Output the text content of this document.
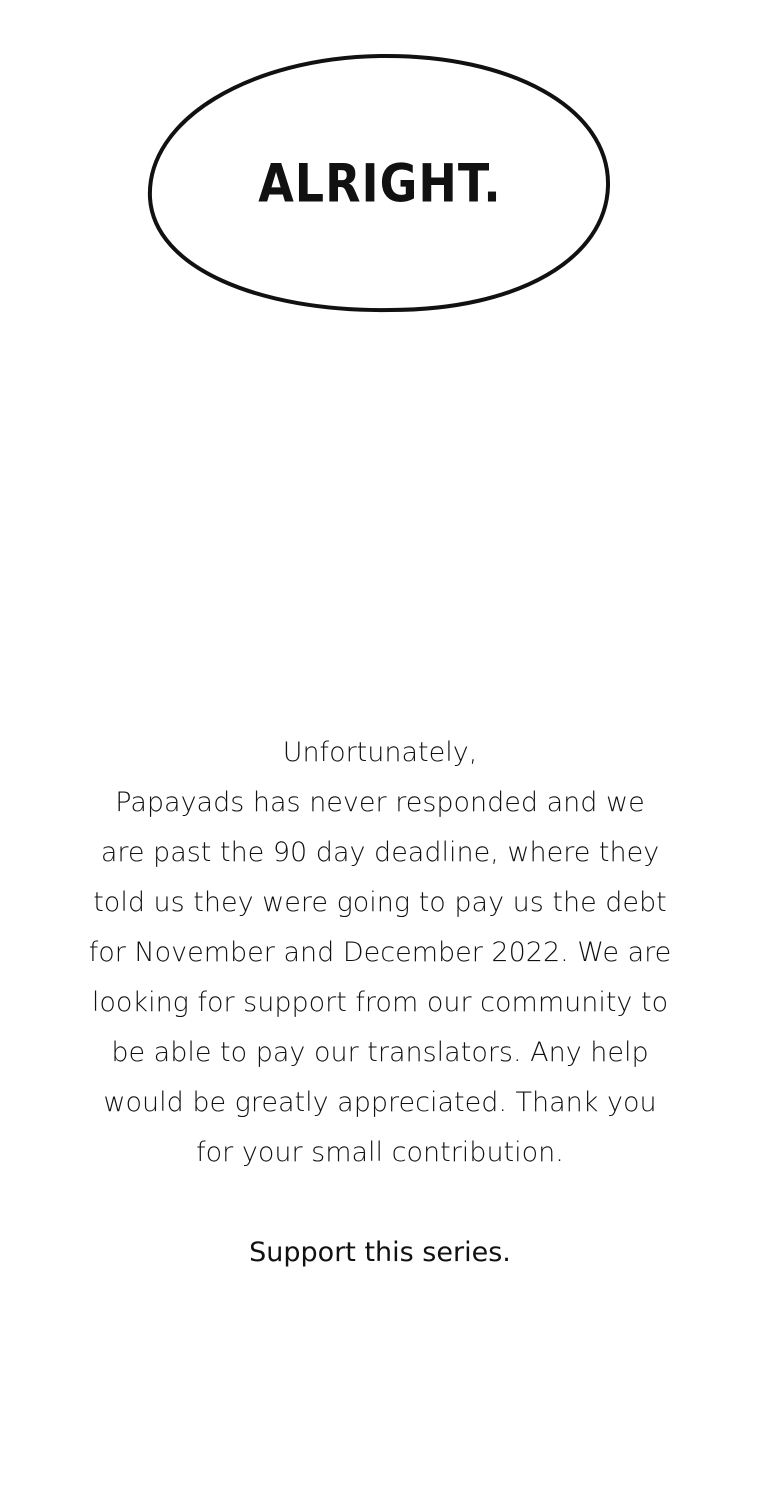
ALRIGHT.
Unfortunately,
Papayads has never responded and we
are past the 90 day deadline, where they
told us they were going to pay us the debt
for November and December 2022. We are
looking for support from our community to
be able to pay our translators. Any help
would be greatly appreciated. Thank you
for your small contribution.
Support this series.
